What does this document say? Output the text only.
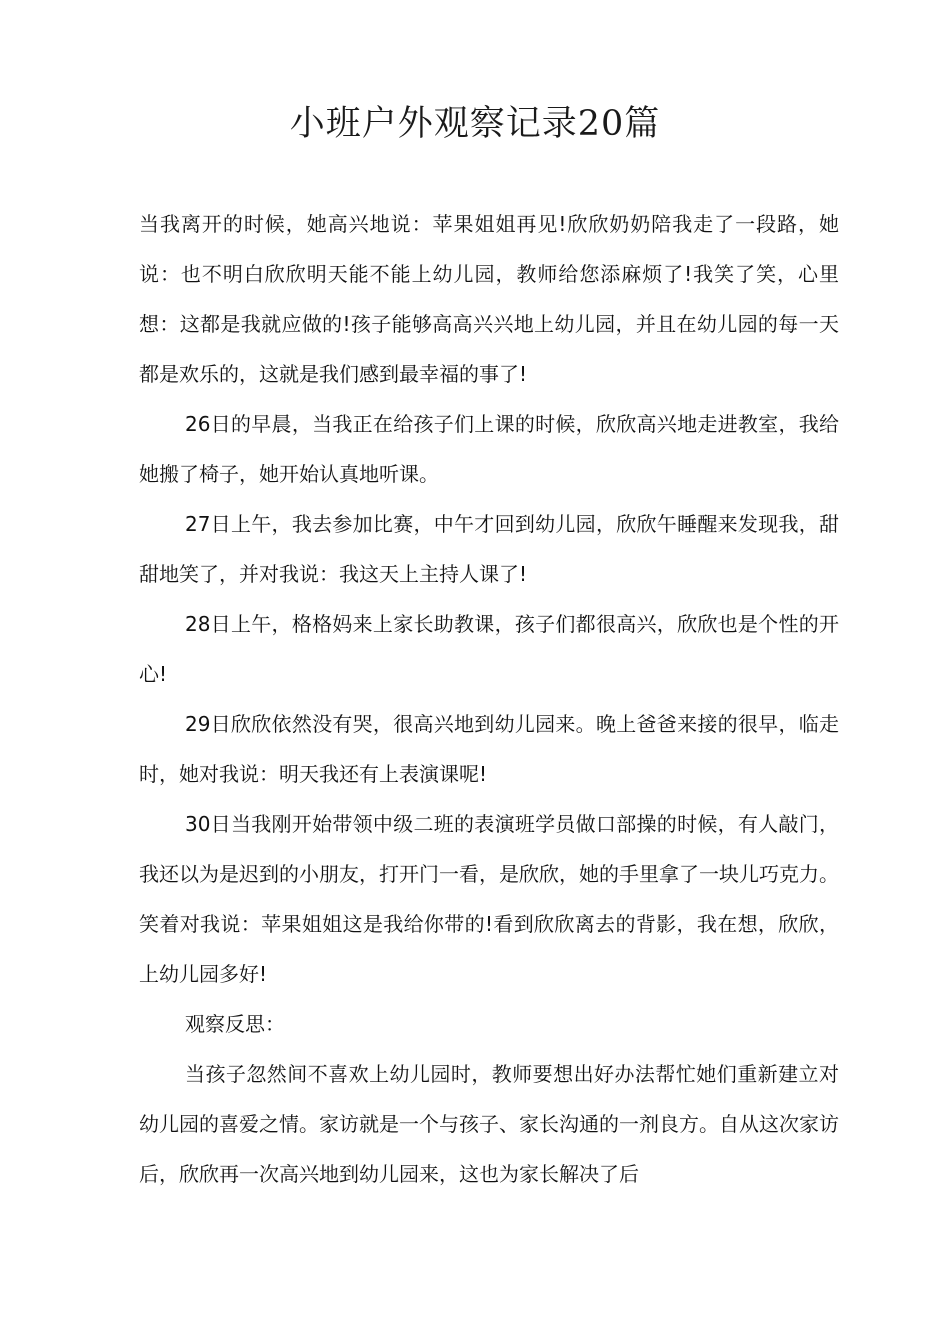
小班户外观察记录20篇

当我离开的时候，她高兴地说：苹果姐姐再见!欣欣奶奶陪我走了一段路，她说：也不明白欣欣明天能不能上幼儿园，教师给您添麻烦了!我笑了笑，心里想：这都是我就应做的!孩子能够高高兴兴地上幼儿园，并且在幼儿园的每一天都是欢乐的，这就是我们感到最幸福的事了!

26日的早晨，当我正在给孩子们上课的时候，欣欣高兴地走进教室，我给她搬了椅子，她开始认真地听课。

27日上午，我去参加比赛，中午才回到幼儿园，欣欣午睡醒来发现我，甜甜地笑了，并对我说：我这天上主持人课了!

28日上午，格格妈来上家长助教课，孩子们都很高兴，欣欣也是个性的开心!

29日欣欣依然没有哭，很高兴地到幼儿园来。晚上爸爸来接的很早，临走时，她对我说：明天我还有上表演课呢!

30日当我刚开始带领中级二班的表演班学员做口部操的时候，有人敲门，我还以为是迟到的小朋友，打开门一看，是欣欣，她的手里拿了一块儿巧克力。笑着对我说：苹果姐姐这是我给你带的!看到欣欣离去的背影，我在想，欣欣，上幼儿园多好!

观察反思：

当孩子忽然间不喜欢上幼儿园时，教师要想出好办法帮忙她们重新建立对幼儿园的喜爱之情。家访就是一个与孩子、家长沟通的一剂良方。自从这次家访后，欣欣再一次高兴地到幼儿园来，这也为家长解决了后
